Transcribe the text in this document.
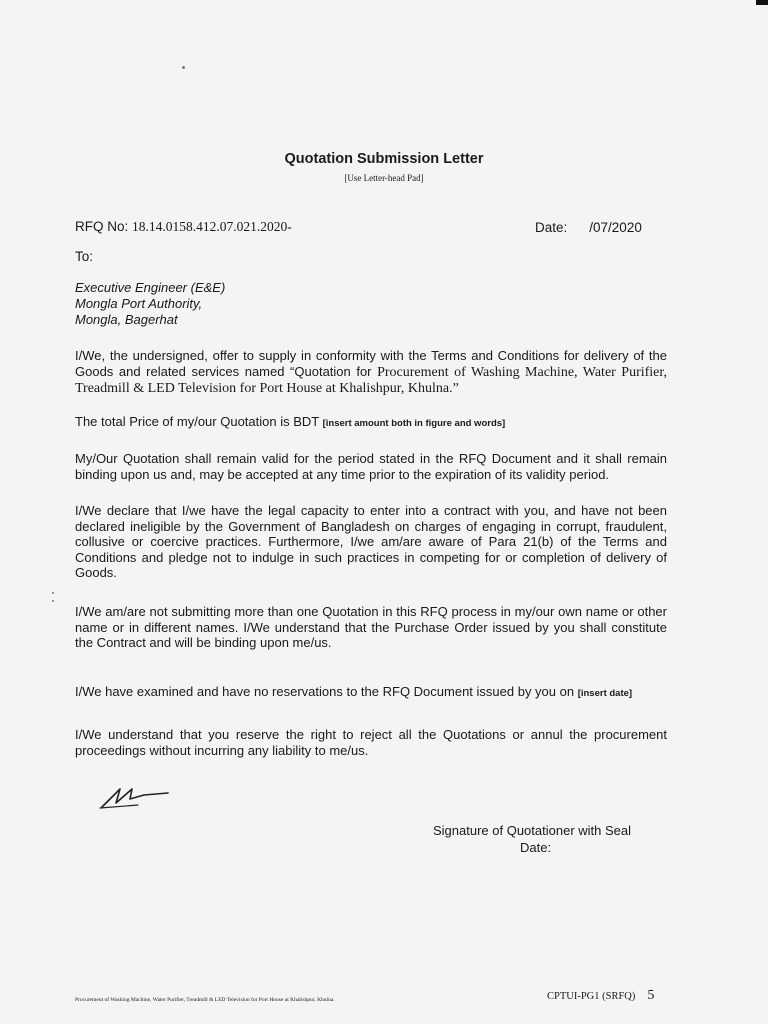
Quotation Submission Letter
[Use Letter-head Pad]
RFQ No: 18.14.0158.412.07.021.2020-	Date: /07/2020
To:
Executive Engineer (E&E)
Mongla Port Authority,
Mongla, Bagerhat
I/We, the undersigned, offer to supply in conformity with the Terms and Conditions for delivery of the Goods and related services named “Quotation for Procurement of Washing Machine, Water Purifier, Treadmill & LED Television for Port House at Khalishpur, Khulna.”
The total Price of my/our Quotation is BDT [insert amount both in figure and words]
My/Our Quotation shall remain valid for the period stated in the RFQ Document and it shall remain binding upon us and, may be accepted at any time prior to the expiration of its validity period.
I/We declare that I/we have the legal capacity to enter into a contract with you, and have not been declared ineligible by the Government of Bangladesh on charges of engaging in corrupt, fraudulent, collusive or coercive practices. Furthermore, I/we am/are aware of Para 21(b) of the Terms and Conditions and pledge not to indulge in such practices in competing for or completion of delivery of Goods.
I/We am/are not submitting more than one Quotation in this RFQ process in my/our own name or other name or in different names. I/We understand that the Purchase Order issued by you shall constitute the Contract and will be binding upon me/us.
I/We have examined and have no reservations to the RFQ Document issued by you on [insert date]
I/We understand that you reserve the right to reject all the Quotations or annul the procurement proceedings without incurring any liability to me/us.
Signature of Quotationer with Seal
Date:
Procurement of Washing Machine, Water Purifier, Treadmill & LED Television for Port House at Khalishpur, Khulna.	CPTUI-PG1 (SRFQ) 5
